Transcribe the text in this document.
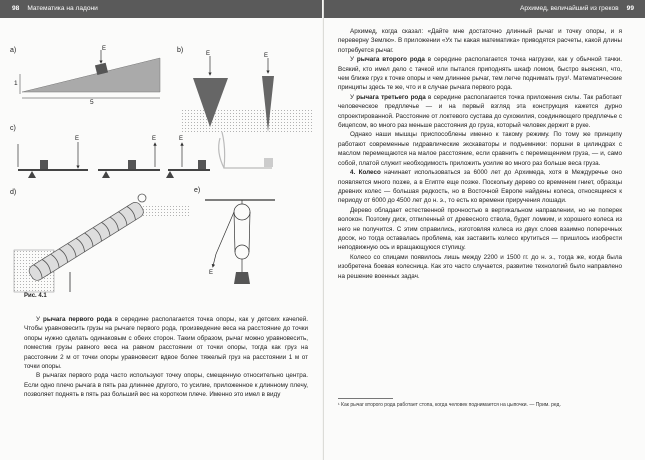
98 Математика на ладони
a)	E
1
5
b)	E	E
c)
E	E	E
d)	e)
E
Рис. 4.1

У рычага первого рода в середине располагается точка опоры, как у детских качелей. Чтобы уравновесить грузы на рычаге первого рода, произведение веса на расстояние до точки опоры нужно сделать одинаковым с обеих сторон. Таким образом, рычаг можно уравновесить, поместив грузы равного веса на равном расстоянии от точки опоры, тогда как груз на расстоянии 2 м от точки опоры уравновесит вдвое более тяжелый груз на расстоянии 1 м от точки опоры.

В рычагах первого рода часто используют точку опоры, смещенную относительно центра. Если одно плечо рычага в пять раз длиннее другого, то усилие, приложенное к длинному плечу, позволяет поднять в пять раз больший вес на коротком плече. Именно это имел в виду

Архимед, величайший из греков 99

Архимед, когда сказал: «Дайте мне достаточно длинный рычаг и точку опоры, и я переверну Землю». В приложении «Ух ты какая математика» приводятся расчеты, какой длины потребуется рычаг.

У рычага второго рода в середине располагается точка нагрузки, как у обычной тачки. Всякий, кто имел дело с тачкой или пытался приподнять шкаф ломом, быстро выяснял, что, чем ближе груз к точке опоры и чем длиннее рычаг, тем легче поднимать груз¹. Математические принципы здесь те же, что и в случае рычага первого рода.

У рычага третьего рода в середине располагается точка приложения силы. Так работает человеческое предплечье — и на первый взгляд эта конструкция кажется дурно спроектированной. Расстояние от локтевого сустава до сухожилия, соединяющего предплечье с бицепсом, во много раз меньше расстояния до груза, который человек держит в руке.

Однако наши мышцы приспособлены именно к такому режиму. По тому же принципу работают современные гидравлические экскаваторы и подъемники: поршни в цилиндрах с маслом перемещаются на малое расстояние, если сравнить с перемещением груза, — и, само собой, платой служит необходимость приложить усилие во много раз больше веса груза.

4. Колесо начинает использоваться за 6000 лет до Архимеда, хотя в Междуречье оно появляется много позже, а в Египте еще позже. Поскольку дерево со временем гниет, образцы древних колес — большая редкость, но в Восточной Европе найдены колеса, относящиеся к периоду от 6000 до 4500 лет до н. э., то есть ко времени приручения лошади.

Дерево обладает естественной прочностью в вертикальном направлении, но не поперек волокон. Поэтому диск, отпиленный от древесного ствола, будет ломким, и хорошего колеса из него не получится. С этим справились, изготовляя колеса из двух слоев взаимно поперечных досок, но тогда оставалась проблема, как заставить колесо крутиться — пришлось изобрести неподвижную ось и вращающуюся ступицу.

Колесо со спицами появилось лишь между 2200 и 1500 гг. до н. э., тогда же, когда была изобретена боевая колесница. Как это часто случается, развитие технологий было направлено на решение военных задач.

¹ Как рычаг второго рода работает стопа, когда человек поднимается на цыпочки. — Прим. ред.
